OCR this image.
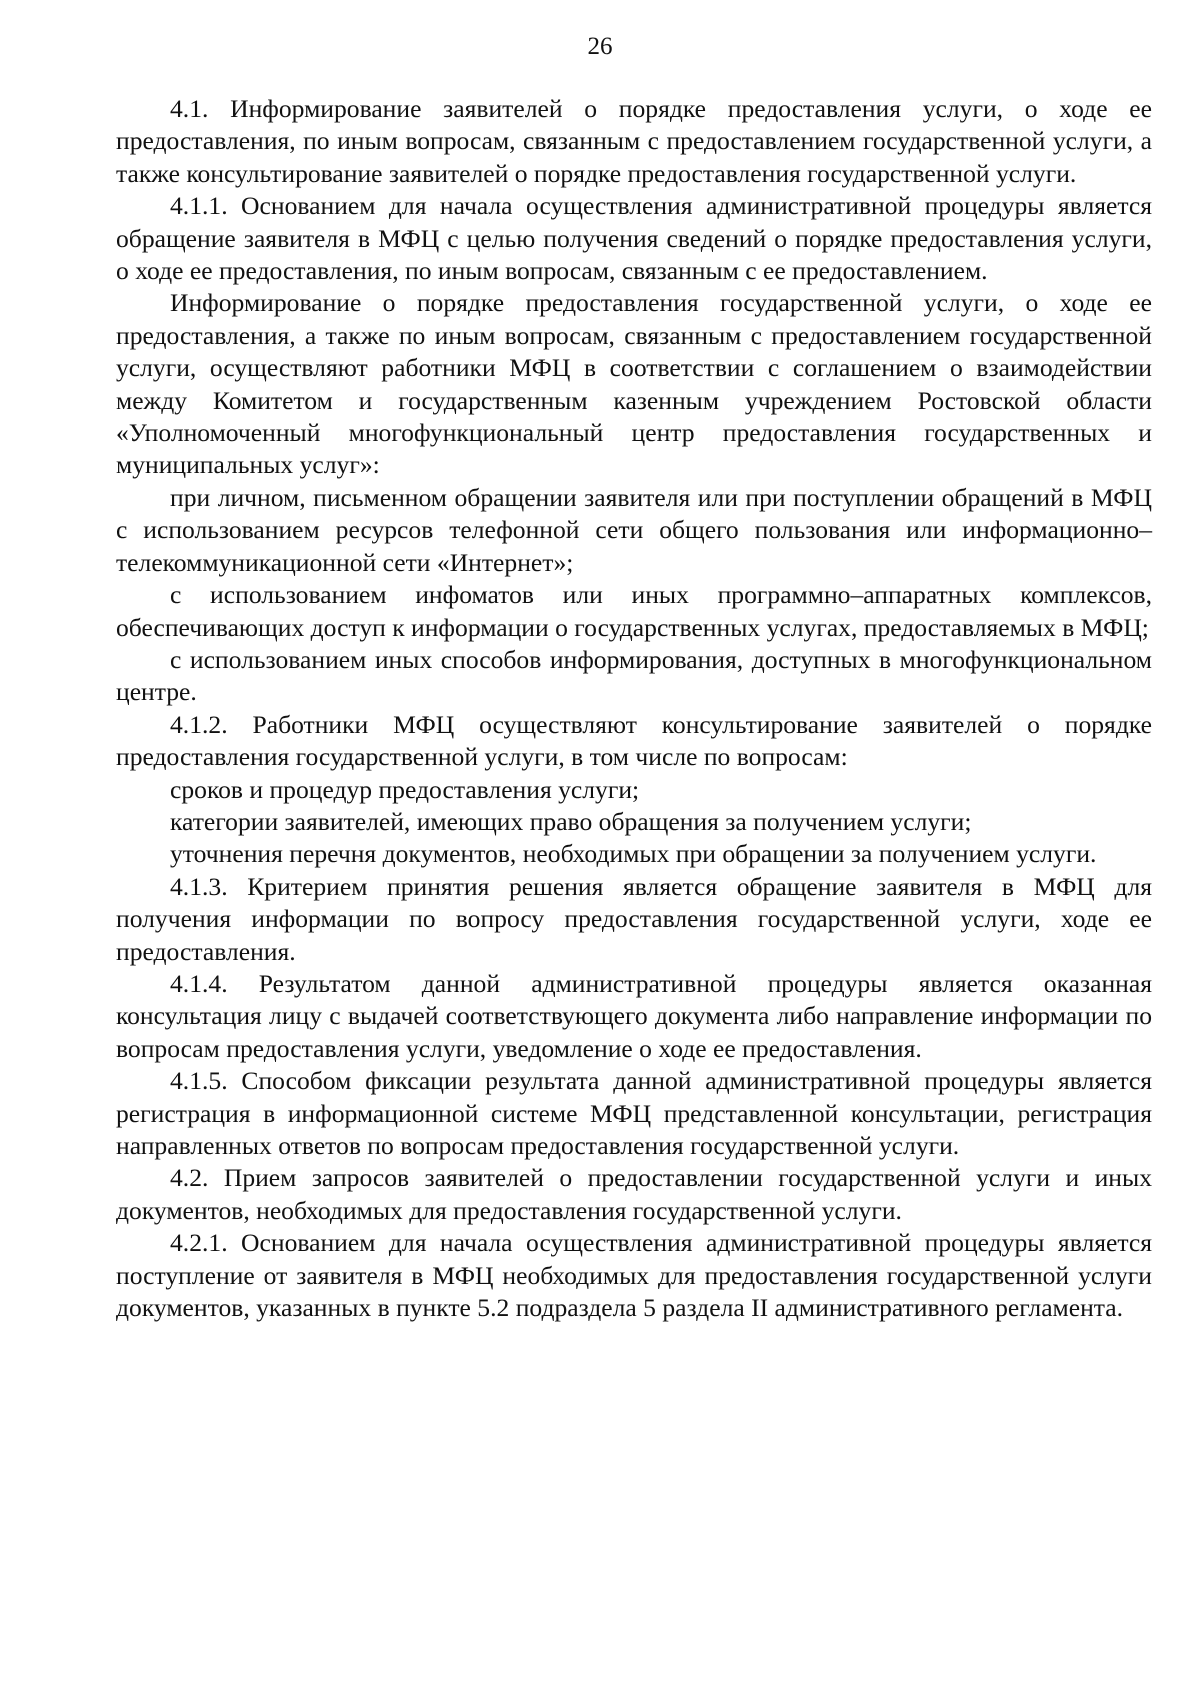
26

4.1. Информирование заявителей о порядке предоставления услуги, о ходе ее предоставления, по иным вопросам, связанным с предоставлением государственной услуги, а также консультирование заявителей о порядке предоставления государственной услуги.

4.1.1. Основанием для начала осуществления административной процедуры является обращение заявителя в МФЦ с целью получения сведений о порядке предоставления услуги, о ходе ее предоставления, по иным вопросам, связанным с ее предоставлением.

Информирование о порядке предоставления государственной услуги, о ходе ее предоставления, а также по иным вопросам, связанным с предоставлением государственной услуги, осуществляют работники МФЦ в соответствии с соглашением о взаимодействии между Комитетом и государственным казенным учреждением Ростовской области «Уполномоченный многофункциональный центр предоставления государственных и муниципальных услуг»:

при личном, письменном обращении заявителя или при поступлении обращений в МФЦ с использованием ресурсов телефонной сети общего пользования или информационно–телекоммуникационной сети «Интернет»;

с использованием инфоматов или иных программно–аппаратных комплексов, обеспечивающих доступ к информации о государственных услугах, предоставляемых в МФЦ;

с использованием иных способов информирования, доступных в многофункциональном центре.

4.1.2. Работники МФЦ осуществляют консультирование заявителей о порядке предоставления государственной услуги, в том числе по вопросам:

сроков и процедур предоставления услуги;

категории заявителей, имеющих право обращения за получением услуги;

уточнения перечня документов, необходимых при обращении за получением услуги.

4.1.3. Критерием принятия решения является обращение заявителя в МФЦ для получения информации по вопросу предоставления государственной услуги, ходе ее предоставления.

4.1.4. Результатом данной административной процедуры является оказанная консультация лицу с выдачей соответствующего документа либо направление информации по вопросам предоставления услуги, уведомление о ходе ее предоставления.

4.1.5. Способом фиксации результата данной административной процедуры является регистрация в информационной системе МФЦ представленной консультации, регистрация направленных ответов по вопросам предоставления государственной услуги.

4.2. Прием запросов заявителей о предоставлении государственной услуги и иных документов, необходимых для предоставления государственной услуги.

4.2.1. Основанием для начала осуществления административной процедуры является поступление от заявителя в МФЦ необходимых для предоставления государственной услуги документов, указанных в пункте 5.2 подраздела 5 раздела II административного регламента.
